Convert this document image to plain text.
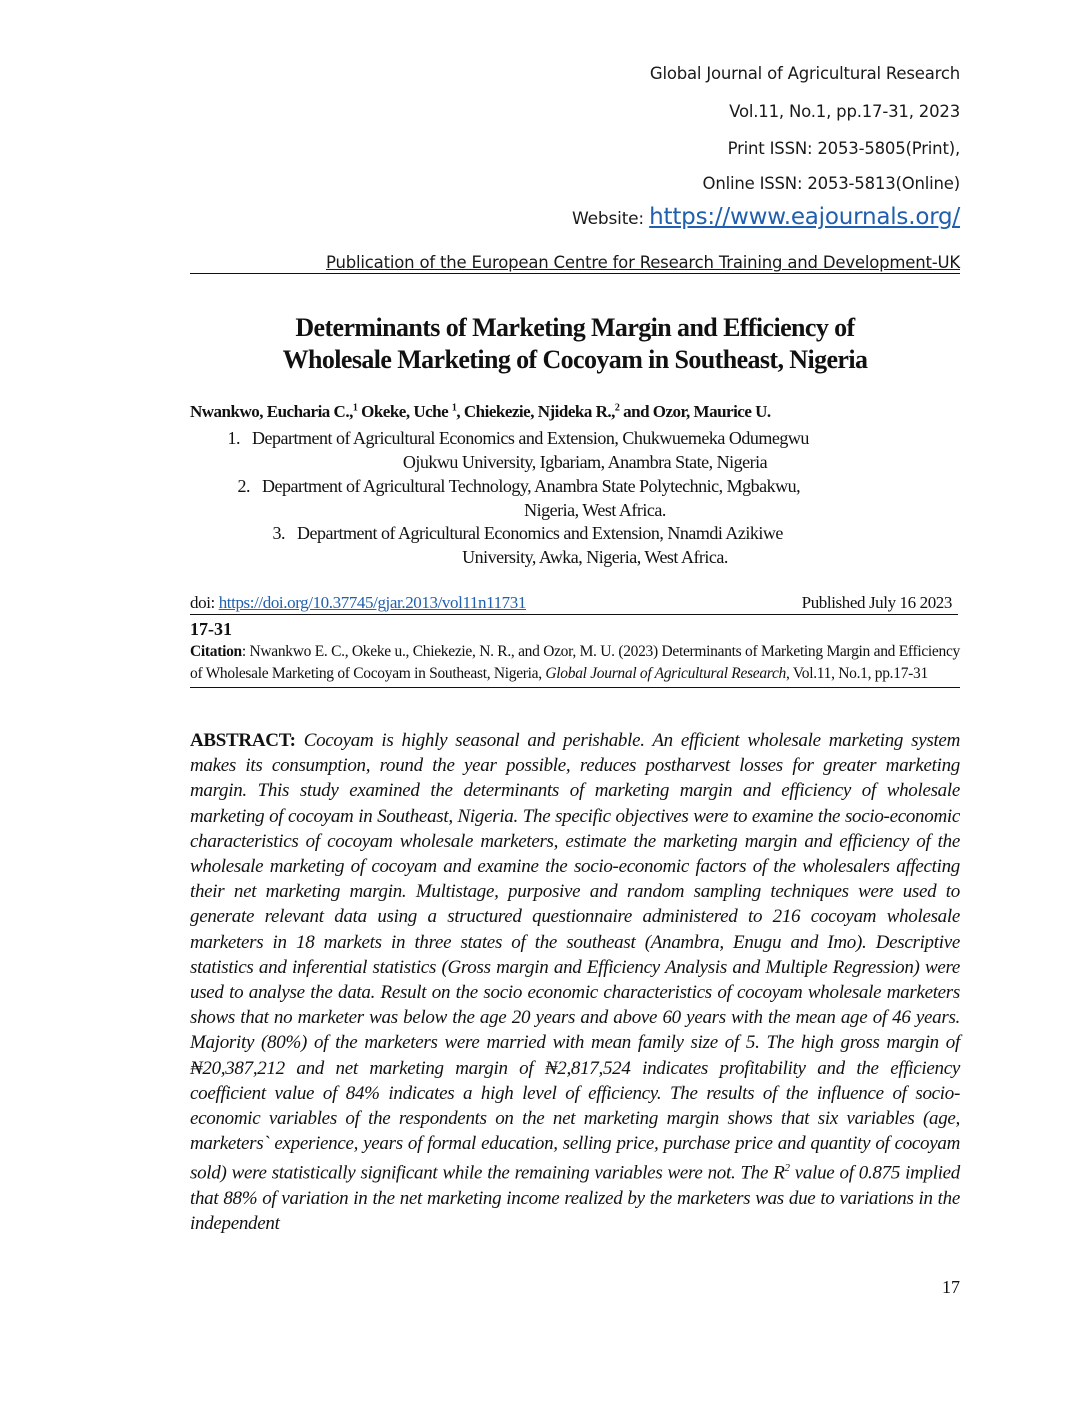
Global Journal of Agricultural Research
Vol.11, No.1, pp.17-31, 2023
Print ISSN: 2053-5805(Print),
Online ISSN: 2053-5813(Online)
Website: https://www.eajournals.org/
Publication of the European Centre for Research Training and Development-UK
Determinants of Marketing Margin and Efficiency of
Wholesale Marketing of Cocoyam in Southeast, Nigeria
Nwankwo, Eucharia C.,$^1$ Okeke, Uche $^1$, Chiekezie, Njideka R.,$^2$ and Ozor, Maurice U.
1. Department of Agricultural Economics and Extension, Chukwuemeka Odumegwu
Ojukwu University, Igbariam, Anambra State, Nigeria
2. Department of Agricultural Technology, Anambra State Polytechnic, Mgbakwu,
Nigeria, West Africa.
3. Department of Agricultural Economics and Extension, Nnamdi Azikiwe
University, Awka, Nigeria, West Africa.
doi: https://doi.org/10.37745/gjar.2013/vol11n11731	Published July 16 2023
17-31
Citation: Nwankwo E. C., Okeke u., Chiekezie, N. R., and Ozor, M. U. (2023) Determinants of Marketing Margin and Efficiency of Wholesale Marketing of Cocoyam in Southeast, Nigeria, Global Journal of Agricultural Research, Vol.11, No.1, pp.17-31
ABSTRACT: Cocoyam is highly seasonal and perishable. An efficient wholesale marketing system makes its consumption, round the year possible, reduces postharvest losses for greater marketing margin. This study examined the determinants of marketing margin and efficiency of wholesale marketing of cocoyam in Southeast, Nigeria. The specific objectives were to examine the socio-economic characteristics of cocoyam wholesale marketers, estimate the marketing margin and efficiency of the wholesale marketing of cocoyam and examine the socio-economic factors of the wholesalers affecting their net marketing margin. Multistage, purposive and random sampling techniques were used to generate relevant data using a structured questionnaire administered to 216 cocoyam wholesale marketers in 18 markets in three states of the southeast (Anambra, Enugu and Imo). Descriptive statistics and inferential statistics (Gross margin and Efficiency Analysis and Multiple Regression) were used to analyse the data. Result on the socio economic characteristics of cocoyam wholesale marketers shows that no marketer was below the age 20 years and above 60 years with the mean age of 46 years. Majority (80%) of the marketers were married with mean family size of 5. The high gross margin of ₦20,387,212 and net marketing margin of ₦2,817,524 indicates profitability and the efficiency coefficient value of 84% indicates a high level of efficiency. The results of the influence of socio-economic variables of the respondents on the net marketing margin shows that six variables (age, marketers` experience, years of formal education, selling price, purchase price and quantity of cocoyam sold) were statistically significant while the remaining variables were not. The $R^2$ value of 0.875 implied that 88% of variation in the net marketing income realized by the marketers was due to variations in the independent
17
